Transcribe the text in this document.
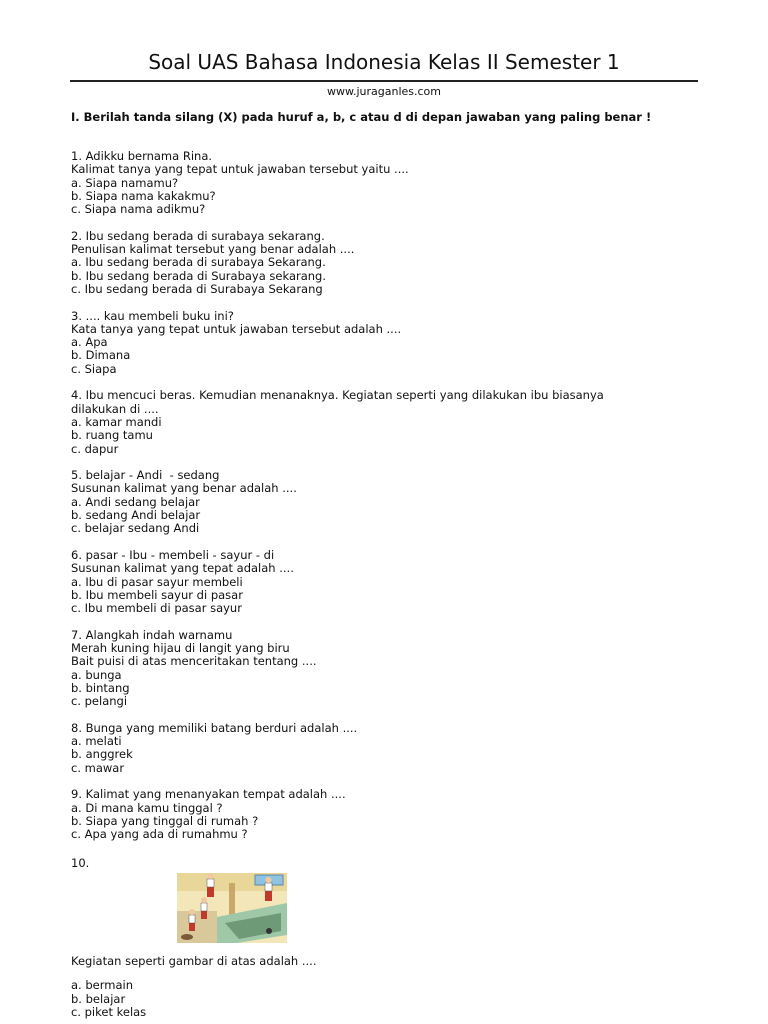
Soal UAS Bahasa Indonesia Kelas II Semester 1
www.juraganles.com
I. Berilah tanda silang (X) pada huruf a, b, c atau d di depan jawaban yang paling benar !

1. Adikku bernama Rina.

Kalimat tanya yang tepat untuk jawaban tersebut yaitu ....

a. Siapa namamu?

b. Siapa nama kakakmu?

c. Siapa nama adikmu?

2. Ibu sedang berada di surabaya sekarang.

Penulisan kalimat tersebut yang benar adalah ....

a. Ibu sedang berada di surabaya Sekarang.

b. Ibu sedang berada di Surabaya sekarang.

c. Ibu sedang berada di Surabaya Sekarang

3. .... kau membeli buku ini?

Kata tanya yang tepat untuk jawaban tersebut adalah ....

a. Apa

b. Dimana

c. Siapa

4. Ibu mencuci beras. Kemudian menanaknya. Kegiatan seperti yang dilakukan ibu biasanya

dilakukan di ....

a. kamar mandi

b. ruang tamu

c. dapur

5. belajar - Andi  - sedang

Susunan kalimat yang benar adalah ....

a. Andi sedang belajar

b. sedang Andi belajar

c. belajar sedang Andi

6. pasar - Ibu - membeli - sayur - di

Susunan kalimat yang tepat adalah ....

a. Ibu di pasar sayur membeli

b. Ibu membeli sayur di pasar

c. Ibu membeli di pasar sayur

7. Alangkah indah warnamu

Merah kuning hijau di langit yang biru

Bait puisi di atas menceritakan tentang ....

a. bunga

b. bintang

c. pelangi

8. Bunga yang memiliki batang berduri adalah ....

a. melati

b. anggrek

c. mawar

9. Kalimat yang menanyakan tempat adalah ....

a. Di mana kamu tinggal ?

b. Siapa yang tinggal di rumah ?

c. Apa yang ada di rumahmu ?

10.

Kegiatan seperti gambar di atas adalah ....

a. bermain

b. belajar

c. piket kelas
